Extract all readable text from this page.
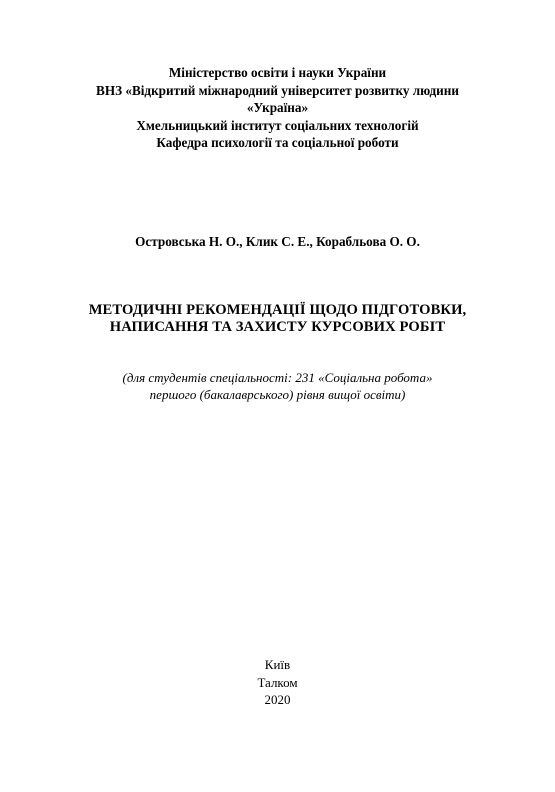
Міністерство освіти і науки України
ВНЗ «Відкритий міжнародний університет розвитку людини
«Україна»
Хмельницький інститут соціальних технологій
Кафедра психології та соціальної роботи
Островська Н. О., Клик С. Е., Корабльова О. О.
МЕТОДИЧНІ РЕКОМЕНДАЦІЇ ЩОДО ПІДГОТОВКИ,
НАПИСАННЯ ТА ЗАХИСТУ КУРСОВИХ РОБІТ
(для студентів спеціальності: 231 «Соціальна робота»
першого (бакалаврського) рівня вищої освіти)
Київ
Талком
2020
